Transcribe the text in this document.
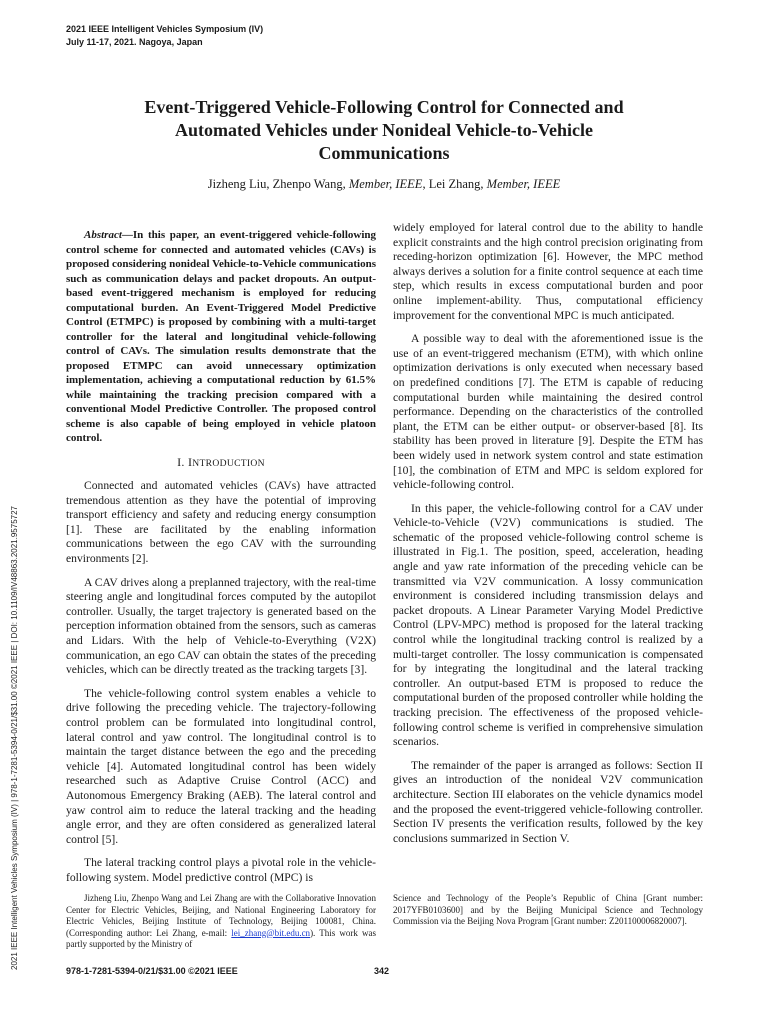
2021 IEEE Intelligent Vehicles Symposium (IV)
July 11-17, 2021. Nagoya, Japan
Event-Triggered Vehicle-Following Control for Connected and
Automated Vehicles under Nonideal Vehicle-to-Vehicle
Communications
Jizheng Liu, Zhenpo Wang, Member, IEEE, Lei Zhang, Member, IEEE

Abstract—In this paper, an event-triggered vehicle-following control scheme for connected and automated vehicles (CAVs) is proposed considering nonideal Vehicle-to-Vehicle communications such as communication delays and packet dropouts. An output-based event-triggered mechanism is employed for reducing computational burden. An Event-Triggered Model Predictive Control (ETMPC) is proposed by combining with a multi-target controller for the lateral and longitudinal vehicle-following control of CAVs. The simulation results demonstrate that the proposed ETMPC can avoid unnecessary optimization implementation, achieving a computational reduction by 61.5% while maintaining the tracking precision compared with a conventional Model Predictive Controller. The proposed control scheme is also capable of being employed in vehicle platoon control.

I. INTRODUCTION

Connected and automated vehicles (CAVs) have attracted tremendous attention as they have the potential of improving transport efficiency and safety and reducing energy consumption [1]. These are facilitated by the enabling information communications between the ego CAV with the surrounding environments [2].

A CAV drives along a preplanned trajectory, with the real-time steering angle and longitudinal forces computed by the autopilot controller. Usually, the target trajectory is generated based on the perception information obtained from the sensors, such as cameras and Lidars. With the help of Vehicle-to-Everything (V2X) communication, an ego CAV can obtain the states of the preceding vehicles, which can be directly treated as the tracking targets [3].

The vehicle-following control system enables a vehicle to drive following the preceding vehicle. The trajectory-following control problem can be formulated into longitudinal control, lateral control and yaw control. The longitudinal control is to maintain the target distance between the ego and the preceding vehicle [4]. Automated longitudinal control has been widely researched such as Adaptive Cruise Control (ACC) and Autonomous Emergency Braking (AEB). The lateral control and yaw control aim to reduce the lateral tracking and the heading angle error, and they are often considered as generalized lateral control [5].

The lateral tracking control plays a pivotal role in the vehicle-following system. Model predictive control (MPC) is

widely employed for lateral control due to the ability to handle explicit constraints and the high control precision originating from receding-horizon optimization [6]. However, the MPC method always derives a solution for a finite control sequence at each time step, which results in excess computational burden and poor online implement-ability. Thus, computational efficiency improvement for the conventional MPC is much anticipated.

A possible way to deal with the aforementioned issue is the use of an event-triggered mechanism (ETM), with which online optimization derivations is only executed when necessary based on predefined conditions [7]. The ETM is capable of reducing computational burden while maintaining the desired control performance. Depending on the characteristics of the controlled plant, the ETM can be either output- or observer-based [8]. Its stability has been proved in literature [9]. Despite the ETM has been widely used in network system control and state estimation [10], the combination of ETM and MPC is seldom explored for vehicle-following control.

In this paper, the vehicle-following control for a CAV under Vehicle-to-Vehicle (V2V) communications is studied. The schematic of the proposed vehicle-following control scheme is illustrated in Fig.1. The position, speed, acceleration, heading angle and yaw rate information of the preceding vehicle can be transmitted via V2V communication. A lossy communication environment is considered including transmission delays and packet dropouts. A Linear Parameter Varying Model Predictive Control (LPV-MPC) method is proposed for the lateral tracking control while the longitudinal tracking control is realized by a multi-target controller. The lossy communication is compensated for by integrating the longitudinal and the lateral tracking controller. An output-based ETM is proposed to reduce the computational burden of the proposed controller while holding the tracking precision. The effectiveness of the proposed vehicle-following control scheme is verified in comprehensive simulation scenarios.

The remainder of the paper is arranged as follows: Section II gives an introduction of the nonideal V2V communication architecture. Section III elaborates on the vehicle dynamics model and the proposed the event-triggered vehicle-following controller. Section IV presents the verification results, followed by the key conclusions summarized in Section V.

Jizheng Liu, Zhenpo Wang and Lei Zhang are with the Collaborative Innovation Center for Electric Vehicles, Beijing, and National Engineering Laboratory for Electric Vehicles, Beijing Institute of Technology, Beijing 100081, China. (Corresponding author: Lei Zhang, e-mail: lei_zhang@bit.edu.cn). This work was partly supported by the Ministry of

Science and Technology of the People’s Republic of China [Grant number: 2017YFB0103600] and by the Beijing Municipal Science and Technology Commission via the Beijing Nova Program [Grant number: Z201100006820007].

978-1-7281-5394-0/21/$31.00 ©2021 IEEE	342
2021 IEEE Intelligent Vehicles Symposium (IV) | 978-1-7281-5394-0/21/$31.00 ©2021 IEEE | DOI: 10.1109/IV48863.2021.9575727
